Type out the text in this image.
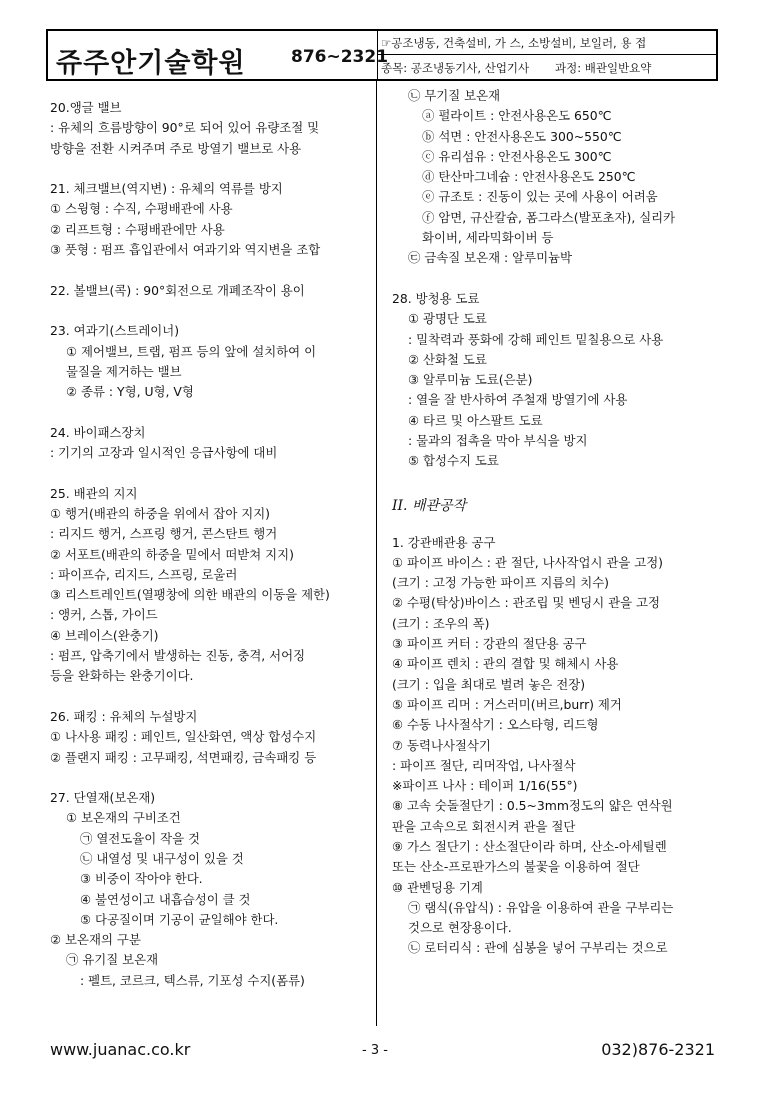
쥬주안기술학원	876~2321
☞공조냉동, 건축설비, 가 스, 소방설비, 보일러, 용 접
종목: 공조냉동기사, 산업기사 과정: 배관일반요약
20.앵글 밸브
: 유체의 흐름방향이 90°로 되어 있어 유량조절 및
방향을 전환 시켜주며 주로 방열기 밸브로 사용
21. 체크밸브(역지변) : 유체의 역류를 방지
① 스윙형 : 수직, 수평배관에 사용
② 리프트형 : 수평배관에만 사용
③ 풋형 : 펌프 흡입관에서 여과기와 역지변을 조합
22. 볼밸브(콕) : 90°회전으로 개폐조작이 용이
23. 여과기(스트레이너)
① 제어밸브, 트랩, 펌프 등의 앞에 설치하여 이
물질을 제거하는 밸브
② 종류 : Y형, U형, V형
24. 바이패스장치
: 기기의 고장과 일시적인 응급사항에 대비
25. 배관의 지지
① 행거(배관의 하중을 위에서 잡아 지지)
: 리지드 행거, 스프링 행거, 콘스탄트 행거
② 서포트(배관의 하중을 밑에서 떠받쳐 지지)
: 파이프슈, 리지드, 스프링, 로울러
③ 리스트레인트(열팽창에 의한 배관의 이동을 제한)
: 앵커, 스톱, 가이드
④ 브레이스(완충기)
: 펌프, 압축기에서 발생하는 진동, 충격, 서어징
등을 완화하는 완충기이다.
26. 패킹 : 유체의 누설방지
① 나사용 패킹 : 페인트, 일산화연, 액상 합성수지
② 플랜지 패킹 : 고무패킹, 석면패킹, 금속패킹 등
27. 단열재(보온재)
① 보온재의 구비조건
㉠ 열전도율이 작을 것
㉡ 내열성 및 내구성이 있을 것
③ 비중이 작아야 한다.
④ 불연성이고 내흡습성이 클 것
⑤ 다공질이며 기공이 균일해야 한다.
② 보온재의 구분
㉠ 유기질 보온재
: 펠트, 코르크, 텍스류, 기포성 수지(폼류)
㉡ 무기질 보온재
ⓐ 펄라이트 : 안전사용온도 650℃
ⓑ 석면 : 안전사용온도 300~550℃
ⓒ 유리섬유 : 안전사용온도 300℃
ⓓ 탄산마그네슘 : 안전사용온도 250℃
ⓔ 규조토 : 진동이 있는 곳에 사용이 어려움
ⓕ 암면, 규산칼슘, 폼그라스(발포초자), 실리카
화이버, 세라믹화이버 등
㉢ 금속질 보온재 : 알루미늄박
28. 방청용 도료
① 광명단 도료
: 밀착력과 풍화에 강해 페인트 밑칠용으로 사용
② 산화철 도료
③ 알루미늄 도료(은분)
: 열을 잘 반사하여 주철재 방열기에 사용
④ 타르 및 아스팔트 도료
: 물과의 접촉을 막아 부식을 방지
⑤ 합성수지 도료
II. 배관공작
1. 강관배관용 공구
① 파이프 바이스 : 관 절단, 나사작업시 관을 고정)
(크기 : 고정 가능한 파이프 지름의 치수)
② 수평(탁상)바이스 : 관조립 및 벤딩시 관을 고정
(크기 : 조우의 폭)
③ 파이프 커터 : 강관의 절단용 공구
④ 파이프 렌치 : 관의 결합 및 해체시 사용
(크기 : 입을 최대로 벌려 놓은 전장)
⑤ 파이프 리머 : 거스러미(버르,burr) 제거
⑥ 수동 나사절삭기 : 오스타형, 리드형
⑦ 동력나사절삭기
: 파이프 절단, 리머작업, 나사절삭
※파이프 나사 : 테이퍼 1/16(55°)
⑧ 고속 숫돌절단기 : 0.5~3mm정도의 얇은 연삭원
판을 고속으로 회전시켜 관을 절단
⑨ 가스 절단기 : 산소절단이라 하며, 산소-아세틸렌
또는 산소-프로판가스의 불꽃을 이용하여 절단
⑩ 관벤딩용 기계
㉠ 램식(유압식) : 유압을 이용하여 관을 구부리는
것으로 현장용이다.
㉡ 로터리식 : 관에 심봉을 넣어 구부리는 것으로
www.juanac.co.kr	- 3 -	032)876-2321
